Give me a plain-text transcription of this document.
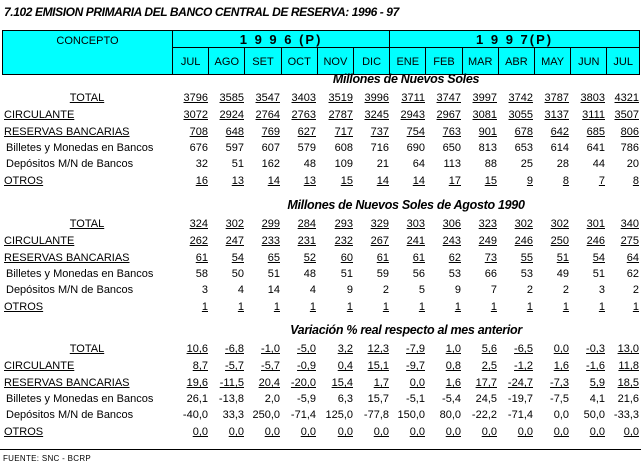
7.102 EMISION PRIMARIA DEL BANCO CENTRAL DE RESERVA: 1996 - 97
CONCEPTO
JUL	AGO	SET	OCT	NOV	DIC
1 9 9 6 (P)
ENE	FEB	MAR	ABR	MAY	JUN	JUL
1 9 9 7(P)
Millones de Nuevos Soles
TOTAL	3796	3585	3547	3403	3519	3996	3711	3747	3997	3742	3787	3803 4321
CIRCULANTE	3072	2924	2764	2763	2787	3245	2943	2967	3081	3055	3137	3111 3507
RESERVAS BANCARIAS	708	648	769	627	717	737	754	763	901	678	642	685	806
Billetes y Monedas en Bancos	676	597	607	579	608	716	690	650	813	653	614	641	786
Depósitos M/N de Bancos	32	51	162	48	109	21	64	113	88	25	28	44	20
OTROS	16	13	14	13	15	14	14	17	15	9	8	7	8
Millones de Nuevos Soles de Agosto 1990
TOTAL	324	302	299	284	293	329	303	306	323	302	302	301	340
CIRCULANTE	262	247	233	231	232	267	241	243	249	246	250	246	275
RESERVAS BANCARIAS	61	54	65	52	60	61	61	62	73	55	51	54	64
Billetes y Monedas en Bancos	58	50	51	48	51	59	56	53	66	53	49	51	62
Depósitos M/N de Bancos	3	4	14	4	9	2	5	9	7	2	2	3	2
OTROS	1	1	1	1	1	1	1	1	1	1	1	1	1
Variación % real respecto al mes anterior
TOTAL	10,6	-6,8	-1,0	-5,0	3,2	12,3	-7,9	1,0	5,6	-6,5	0,0	-0,3	13,0
CIRCULANTE	8,7	-5,7	-5,7	-0,9	0,4	15,1	-9,7	0,8	2,5	-1,2	1,6	-1,6	11,8
RESERVAS BANCARIAS	19,6	-11,5	20,4 -20,0	15,4	1,7	0,0	1,6	17,7 -24,7	-7,3	5,9	18,5
Billetes y Monedas en Bancos	26,1 -13,8	2,0	-5,9	6,3	15,7	-5,1	-5,4	24,5 -19,7	-7,5	4,1	21,6
Depósitos M/N de Bancos	-40,0	33,3 250,0 -71,4 125,0 -77,8 150,0	80,0 -22,2 -71,4	0,0	50,0 -33,3
OTROS	0,0	0,0	0,0	0,0	0,0	0,0	0,0	0,0	0,0	0,0	0,0	0,0	0,0
FUENTE: SNC - BCRP
